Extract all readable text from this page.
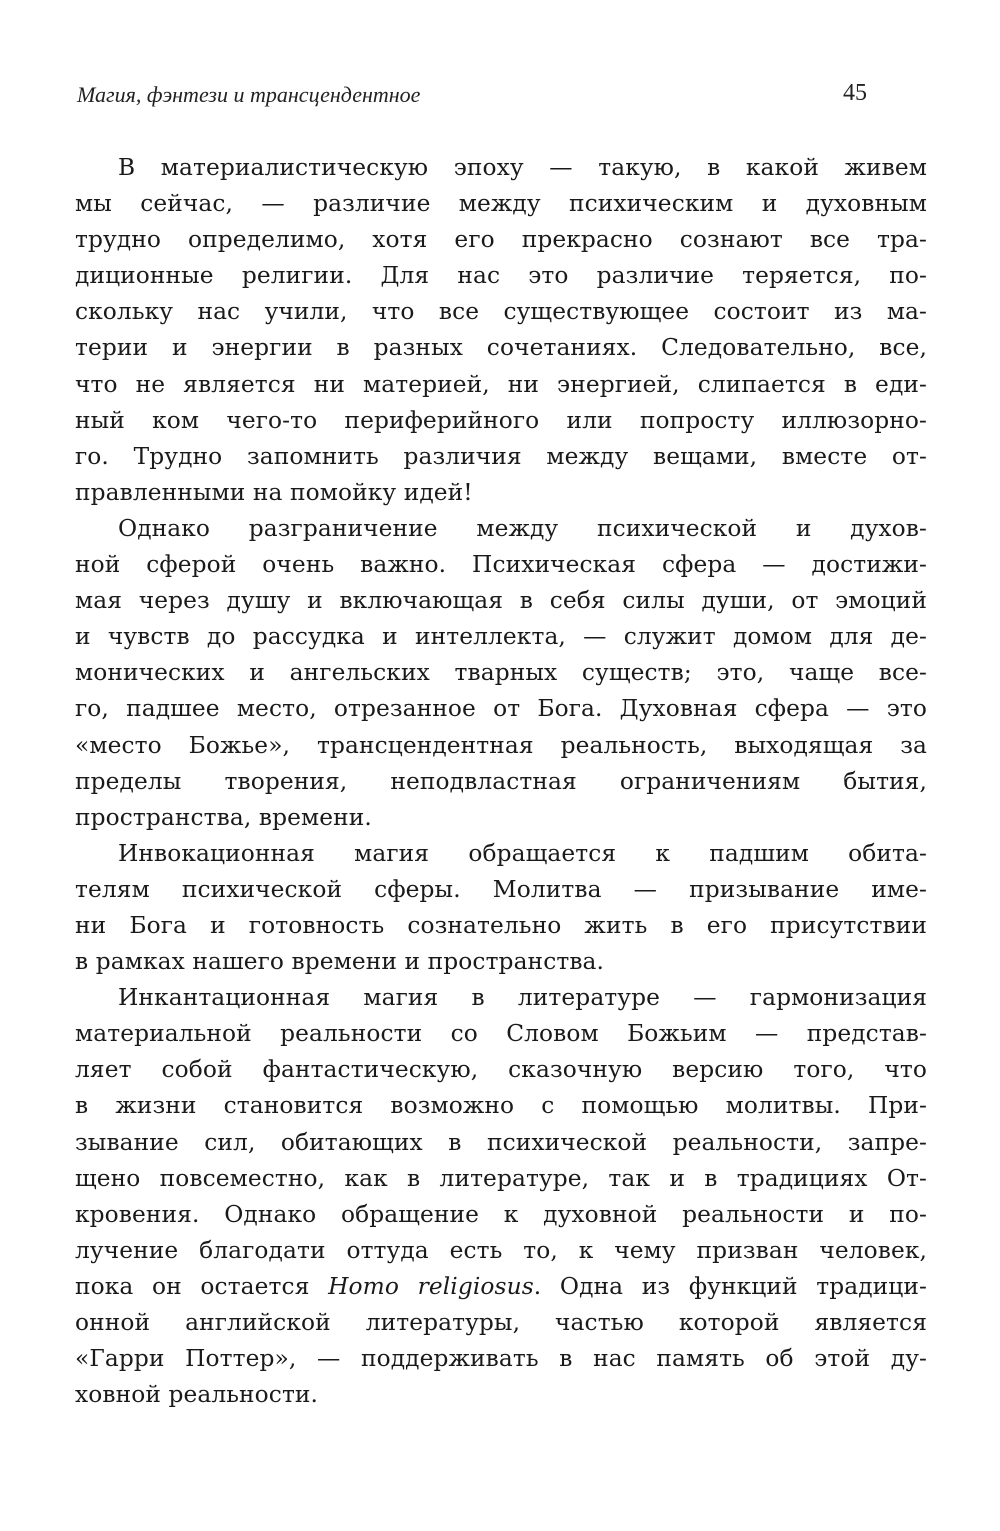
Магия, фэнтези и трансцендентное	45
В материалистическую эпоху — такую, в какой живем
мы сейчас, — различие между психическим и духовным
трудно определимо, хотя его прекрасно сознают все тра-
диционные религии. Для нас это различие теряется, по-
скольку нас учили, что все существующее состоит из ма-
терии и энергии в разных сочетаниях. Следовательно, все,
что не является ни материей, ни энергией, слипается в еди-
ный ком чего-то периферийного или попросту иллюзорно-
го. Трудно запомнить различия между вещами, вместе от-
правленными на помойку идей!
Однако разграничение между психической и духов-
ной сферой очень важно. Психическая сфера — достижи-
мая через душу и включающая в себя силы души, от эмоций
и чувств до рассудка и интеллекта, — служит домом для де-
монических и ангельских тварных существ; это, чаще все-
го, падшее место, отрезанное от Бога. Духовная сфера — это
«место Божье», трансцендентная реальность, выходящая за
пределы творения, неподвластная ограничениям бытия,
пространства, времени.
Инвокационная магия обращается к падшим обита-
телям психической сферы. Молитва — призывание име-
ни Бога и готовность сознательно жить в его присутствии
в рамках нашего времени и пространства.
Инкантационная магия в литературе — гармонизация
материальной реальности со Словом Божьим — представ-
ляет собой фантастическую, сказочную версию того, что
в жизни становится возможно с помощью молитвы. При-
зывание сил, обитающих в психической реальности, запре-
щено повсеместно, как в литературе, так и в традициях От-
кровения. Однако обращение к духовной реальности и по-
лучение благодати оттуда есть то, к чему призван человек,
пока он остается Homo religiosus. Одна из функций традици-
онной английской литературы, частью которой является
«Гарри Поттер», — поддерживать в нас память об этой ду-
ховной реальности.
